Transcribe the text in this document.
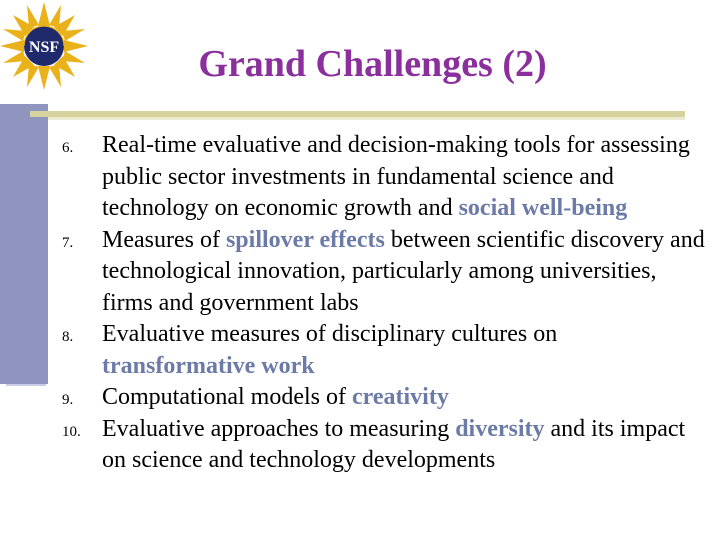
NSF	Grand Challenges (2)
6.	Real-time evaluative and decision-making tools for assessing public sector investments in fundamental science and technology on economic growth and social well-being
7.	Measures of spillover effects between scientific discovery and technological innovation, particularly among universities, firms and government labs
8.	Evaluative measures of disciplinary cultures on transformative work
9.	Computational models of creativity
10. Evaluative approaches to measuring diversity and its impact on science and technology developments
